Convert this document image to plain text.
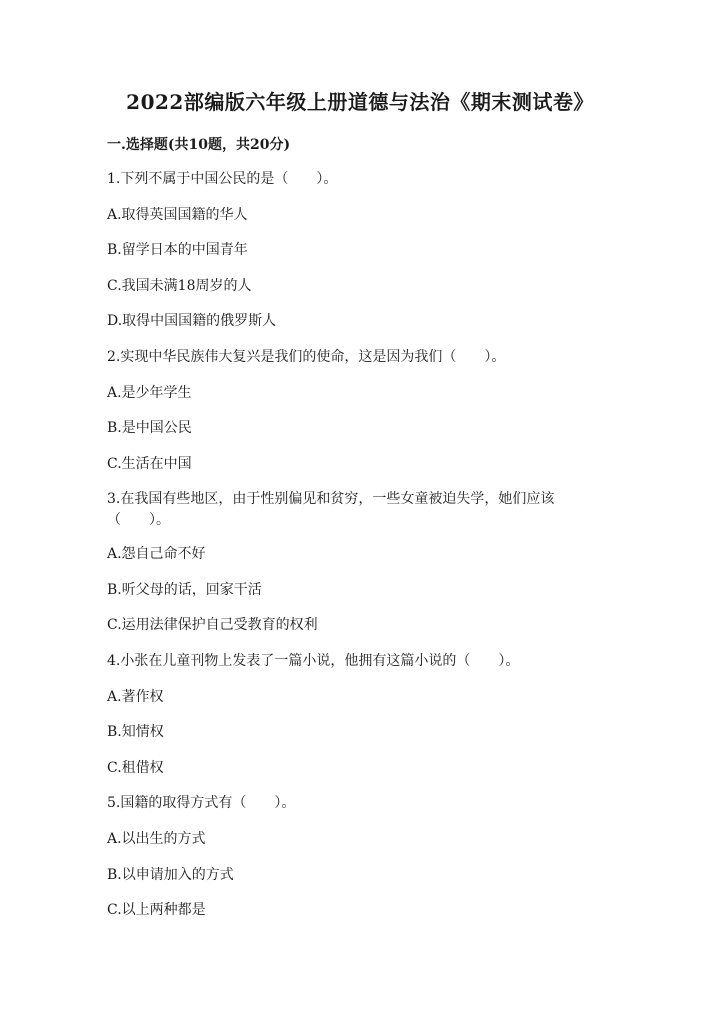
2022部编版六年级上册道德与法治《期末测试卷》
一.选择题(共10题，共20分)
1.下列不属于中国公民的是（　　）。
A.取得英国国籍的华人
B.留学日本的中国青年
C.我国未满18周岁的人
D.取得中国国籍的俄罗斯人
2.实现中华民族伟大复兴是我们的使命，这是因为我们（　　）。
A.是少年学生
B.是中国公民
C.生活在中国
3.在我国有些地区，由于性别偏见和贫穷，一些女童被迫失学，她们应该
（　　）。
A.怨自己命不好
B.听父母的话，回家干活
C.运用法律保护自己受教育的权利
4.小张在儿童刊物上发表了一篇小说，他拥有这篇小说的（　　）。
A.著作权
B.知情权
C.租借权
5.国籍的取得方式有（　　）。
A.以出生的方式
B.以申请加入的方式
C.以上两种都是
